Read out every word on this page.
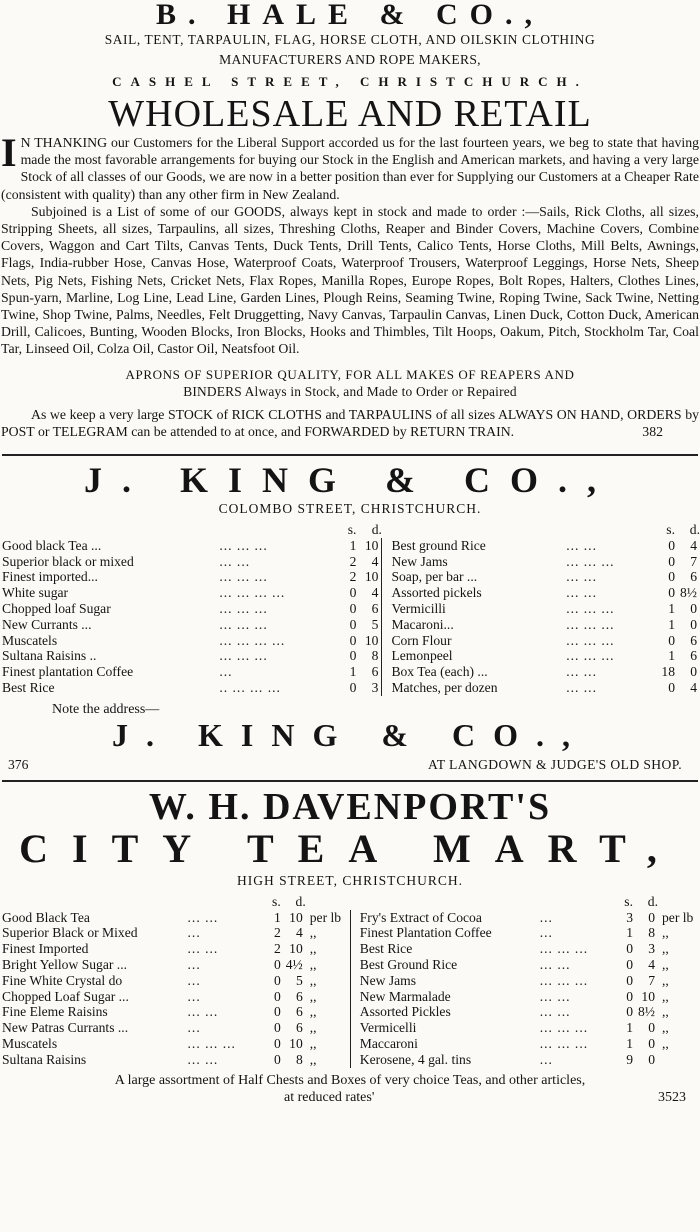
B. HALE & CO.,
SAIL, TENT, TARPAULIN, FLAG, HORSE CLOTH, AND OILSKIN CLOTHING
MANUFACTURERS AND ROPE MAKERS,
CASHEL STREET, CHRISTCHURCH.
WHOLESALE AND RETAIL
I N THANKING our Customers for the Liberal Support accorded us for the last fourteen years, we beg to state that having made the most favorable arrangements for buying our Stock in the English and American markets, and having a very large Stock of all classes of our Goods, we are now in a better position than ever for Supplying our Customers at a Cheaper Rate (consistent with quality) than any other firm in New Zealand.
Subjoined is a List of some of our GOODS, always kept in stock and made to order :—Sails, Rick Cloths, all sizes, Stripping Sheets, all sizes, Tarpaulins, all sizes, Threshing Cloths, Reaper and Binder Covers, Machine Covers, Combine Covers, Waggon and Cart Tilts, Canvas Tents, Duck Tents, Drill Tents, Calico Tents, Horse Cloths, Mill Belts, Awnings, Flags, India-rubber Hose, Canvas Hose, Waterproof Coats, Waterproof Trousers, Waterproof Leggings, Horse Nets, Sheep Nets, Pig Nets, Fishing Nets, Cricket Nets, Flax Ropes, Manilla Ropes, Europe Ropes, Bolt Ropes, Halters, Clothes Lines, Spun-yarn, Marline, Log Line, Lead Line, Garden Lines, Plough Reins, Seaming Twine, Roping Twine, Sack Twine, Netting Twine, Shop Twine, Palms, Needles, Felt Druggetting, Navy Canvas, Tarpaulin Canvas, Linen Duck, Cotton Duck, American Drill, Calicoes, Bunting, Wooden Blocks, Iron Blocks, Hooks and Thimbles, Tilt Hoops, Oakum, Pitch, Stockholm Tar, Coal Tar, Linseed Oil, Colza Oil, Castor Oil, Neatsfoot Oil.
APRONS OF SUPERIOR QUALITY, FOR ALL MAKES OF REAPERS AND
BINDERS Always in Stock, and Made to Order or Repaired
As we keep a very large STOCK of RICK CLOTHS and TARPAULINS of all sizes ALWAYS ON HAND, ORDERS by POST or TELEGRAM can be attended to at once, and FORWARDED by RETURN TRAIN.	382
J. KING & CO.,
COLOMBO STREET, CHRISTCHURCH.
		s.	d.				s.	d.
Good black Tea ...	... ... ...	1	10		Best ground Rice	... ...	0	4
Superior black or mixed	... ...	2	4		New Jams	... ... ...	0	7
Finest imported...	... ... ...	2	10		Soap, per bar ...	... ...	0	6
White sugar	... ... ... ...	0	4		Assorted pickels	... ...	0	8½
Chopped loaf Sugar	... ... ...	0	6		Vermicilli	... ... ...	1	0
New Currants ...	... ... ...	0	5		Macaroni...	... ... ...	1	0
Muscatels	... ... ... ...	0	10		Corn Flour	... ... ...	0	6
Sultana Raisins ..	... ... ...	0	8		Lemonpeel	... ... ...	1	6
Finest plantation Coffee	...	1	6		Box Tea (each) ...	... ...	18	0
Best Rice	.. ... ... ...	0	3		Matches, per dozen	... ...	0	4
Note the address—
J. KING & CO.,
376	AT LANGDOWN & JUDGE'S OLD SHOP.
W. H. DAVENPORT'S
CITY TEA MART,
HIGH STREET, CHRISTCHURCH.
		s.	d.					s.	d.	
Good Black Tea	... ...	1	10	per lb		Fry's Extract of Cocoa	...	3	0	per lb
Superior Black or Mixed	...	2	4	,,		Finest Plantation Coffee	...	1	8	,,
Finest Imported	... ...	2	10	,,		Best Rice	... ... ...	0	3	,,
Bright Yellow Sugar ...	...	0	4½	,,		Best Ground Rice	... ...	0	4	,,
Fine White Crystal do	...	0	5	,,		New Jams	... ... ...	0	7	,,
Chopped Loaf Sugar ...	...	0	6	,,		New Marmalade	... ...	0	10	,,
Fine Eleme Raisins	... ...	0	6	,,		Assorted Pickles	... ...	0	8½	,,
New Patras Currants ...	...	0	6	,,		Vermicelli	... ... ...	1	0	,,
Muscatels	... ... ...	0	10	,,		Maccaroni	... ... ...	1	0	,,
Sultana Raisins	... ...	0	8	,,		Kerosene, 4 gal. tins	...	9	0	
A large assortment of Half Chests and Boxes of very choice Teas, and other articles,
at reduced rates'	3523
